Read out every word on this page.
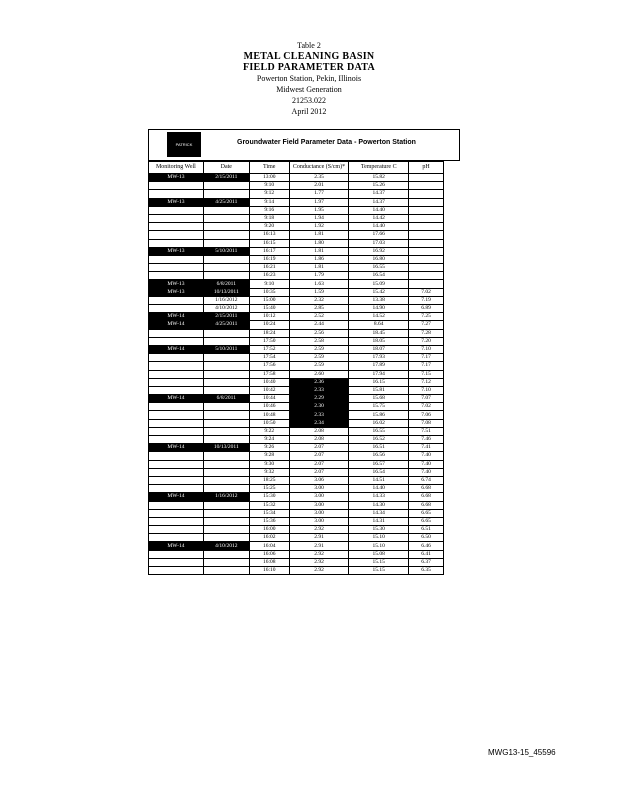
Table 2
METAL CLEANING BASIN
FIELD PARAMETER DATA
Powerton Station, Pekin, Illinois
Midwest Generation
21253.022
April 2012
PATRICK	Groundwater Field Parameter Data - Powerton Station
Monitoring Well	Date	Time	Conductance (S/cm)*	Temperature C	pH
MW-13	2/15/2011	13:00	2.35	15.82	
		9:10	2.01	15.26	
		9:12	1.77	14.37	
MW-13	4/25/2011	9:14	1.97	14.37	
		9:16	1.95	14.40	
		9:18	1.94	14.42	
		9:20	1.92	14.40	
		16:13	1.81	17.66	
		16:15	1.80	17.03	
MW-13	5/10/2011	16:17	1.81	16.92	
		16:19	1.86	16.80	
		16:21	1.81	16.55	
		16:23	1.79	16.54	
MW-13	6/8/2011	9:10	1.63	15.09	
MW-13	10/13/2011	10:35	1.59	15.42	7.02
	1/16/2012	15:00	2.32	13.38	7.19
	4/10/2012	15:40	2.85	14.90	6.89
MW-14	2/15/2011	10:12	2.52	14.52	7.25
MW-14	4/25/2011	10:24	2.44	8.64	7.27
		18:24	2.56	18.45	7.28
		17:50	2.58	18.05	7.20
MW-14	5/10/2011	17:52	2.59	18.07	7.10
		17:54	2.59	17.93	7.17
		17:56	2.59	17.89	7.17
		17:58	2.60	17.94	7.15
		10:40	2.36	16.15	7.12
		10:42	2.33	15.81	7.10
MW-14	6/8/2011	10:44	2.29	15.68	7.07
		10:46	2.30	15.75	7.02
		10:48	2.33	15.86	7.06
		10:50	2.34	16.02	7.08
		9:22	2.08	16.55	7.51
		9:24	2.08	16.52	7.46
MW-14	10/13/2011	9:26	2.07	16.51	7.41
		9:28	2.07	16.56	7.40
		9:30	2.07	16.57	7.40
		9:32	2.07	16.54	7.40
		18:25	3.06	14.51	6.74
		15:25	3.00	14.40	6.68
MW-14	1/16/2012	15:30	3.00	14.33	6.68
		15:32	3.00	14.30	6.68
		15:34	3.00	14.34	6.65
		15:36	3.00	14.31	6.65
		16:00	2.92	15.30	6.51
		16:02	2.91	15.10	6.50
MW-14	4/10/2012	16:04	2.91	15.10	6.46
		16:06	2.92	15.08	6.41
		16:08	2.92	15.15	6.37
		16:10	2.92	15.15	6.35
MWG13-15_45596
